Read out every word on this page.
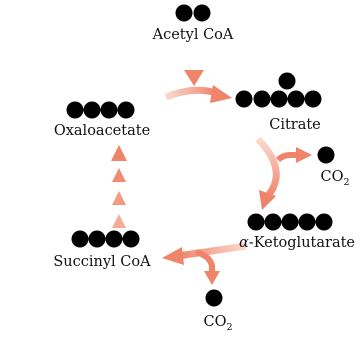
Acetyl CoA
Citrate
Oxaloacetate
$CO_2$
α-Ketoglutarate
Succinyl CoA
$CO_2$
